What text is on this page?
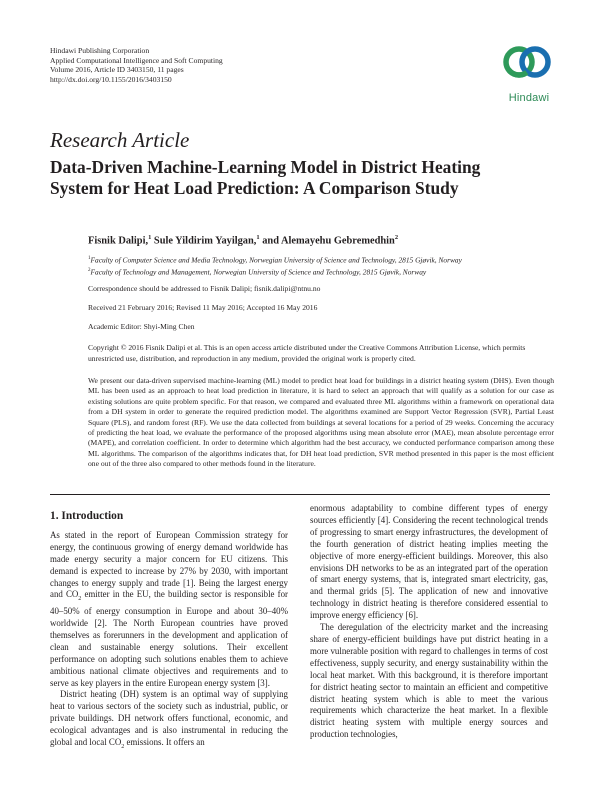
Hindawi Publishing Corporation
Applied Computational Intelligence and Soft Computing
Volume 2016, Article ID 3403150, 11 pages
http://dx.doi.org/10.1155/2016/3403150
Hindawi
Research Article
Data-Driven Machine-Learning Model in District Heating
System for Heat Load Prediction: A Comparison Study
Fisnik Dalipi,$^1$ Sule Yildirim Yayilgan,$^1$ and Alemayehu Gebremedhin$^2$
$^1$Faculty of Computer Science and Media Technology, Norwegian University of Science and Technology, 2815 Gjøvik, Norway
$^2$Faculty of Technology and Management, Norwegian University of Science and Technology, 2815 Gjøvik, Norway
Correspondence should be addressed to Fisnik Dalipi; fisnik.dalipi@ntnu.no
Received 21 February 2016; Revised 11 May 2016; Accepted 16 May 2016
Academic Editor: Shyi-Ming Chen
Copyright © 2016 Fisnik Dalipi et al. This is an open access article distributed under the Creative Commons Attribution License, which permits unrestricted use, distribution, and reproduction in any medium, provided the original work is properly cited.
We present our data-driven supervised machine-learning (ML) model to predict heat load for buildings in a district heating system (DHS). Even though ML has been used as an approach to heat load prediction in literature, it is hard to select an approach that will qualify as a solution for our case as existing solutions are quite problem specific. For that reason, we compared and evaluated three ML algorithms within a framework on operational data from a DH system in order to generate the required prediction model. The algorithms examined are Support Vector Regression (SVR), Partial Least Square (PLS), and random forest (RF). We use the data collected from buildings at several locations for a period of 29 weeks. Concerning the accuracy of predicting the heat load, we evaluate the performance of the proposed algorithms using mean absolute error (MAE), mean absolute percentage error (MAPE), and correlation coefficient. In order to determine which algorithm had the best accuracy, we conducted performance comparison among these ML algorithms. The comparison of the algorithms indicates that, for DH heat load prediction, SVR method presented in this paper is the most efficient one out of the three also compared to other methods found in the literature.
1. Introduction

As stated in the report of European Commission strategy for energy, the continuous growing of energy demand worldwide has made energy security a major concern for EU citizens. This demand is expected to increase by 27% by 2030, with important changes to energy supply and trade [1]. Being the largest energy and $CO_2$ emitter in the EU, the building sector is responsible for 40–50% of energy consumption in Europe and about 30–40% worldwide [2]. The North European countries have proved themselves as forerunners in the development and application of clean and sustainable energy solutions. Their excellent performance on adopting such solutions enables them to achieve ambitious national climate objectives and requirements and to serve as key players in the entire European energy system [3].

District heating (DH) system is an optimal way of supplying heat to various sectors of the society such as industrial, public, or private buildings. DH network offers functional, economic, and ecological advantages and is also instrumental in reducing the global and local $CO_2$ emissions. It offers an

enormous adaptability to combine different types of energy sources efficiently [4]. Considering the recent technological trends of progressing to smart energy infrastructures, the development of the fourth generation of district heating implies meeting the objective of more energy-efficient buildings. Moreover, this also envisions DH networks to be as an integrated part of the operation of smart energy systems, that is, integrated smart electricity, gas, and thermal grids [5]. The application of new and innovative technology in district heating is therefore considered essential to improve energy efficiency [6].

The deregulation of the electricity market and the increasing share of energy-efficient buildings have put district heating in a more vulnerable position with regard to challenges in terms of cost effectiveness, supply security, and energy sustainability within the local heat market. With this background, it is therefore important for district heating sector to maintain an efficient and competitive district heating system which is able to meet the various requirements which characterize the heat market. In a flexible district heating system with multiple energy sources and production technologies,
